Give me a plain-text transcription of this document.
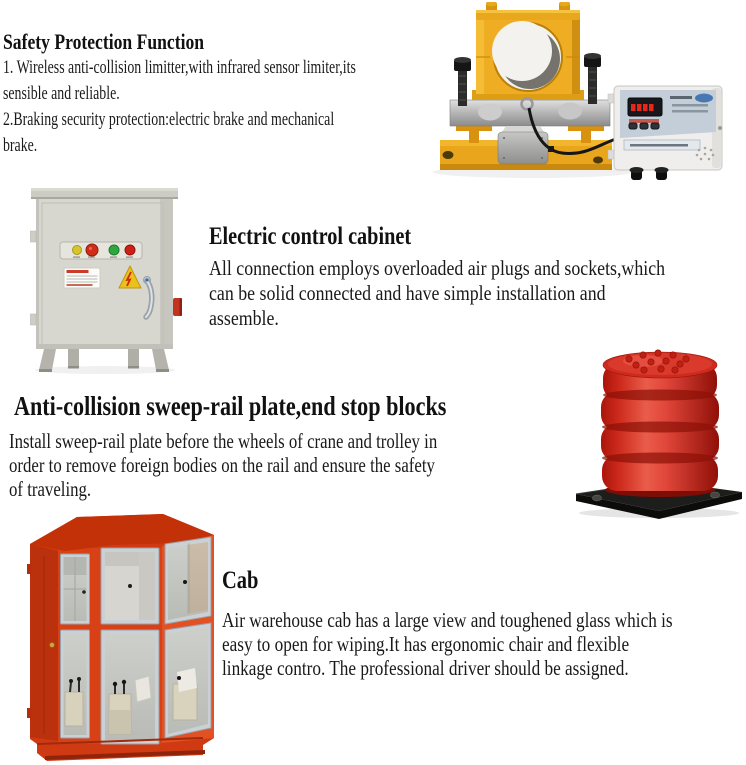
Safety Protection Function

1. Wireless anti-collision limitter,with infrared sensor limiter,its

sensible and reliable.

2.Braking security protection:electric brake and mechanical

brake.

Electric control cabinet

All connection employs overloaded air plugs and sockets,which

can be solid connected and have simple installation and

assemble.

Anti-collision sweep-rail plate,end stop blocks

Install sweep-rail plate before the wheels of crane and trolley in

order to remove foreign bodies on the rail and ensure the safety

of traveling.

Cab

Air warehouse cab has a large view and toughened glass which is

easy to open for wiping.It has ergonomic chair and flexible

linkage contro. The professional driver should be assigned.
